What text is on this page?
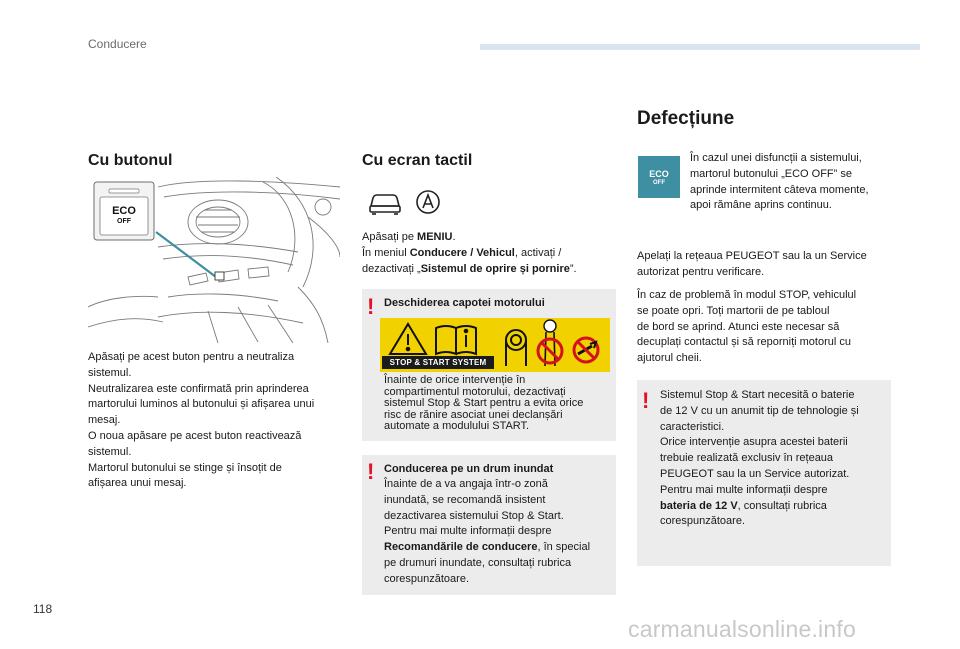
Conducere
Cu butonul
ECO
OFF
Apăsați pe acest buton pentru a neutraliza
sistemul.
Neutralizarea este confirmată prin aprinderea
martorului luminos al butonului și afișarea unui
mesaj.
O noua apăsare pe acest buton reactivează
sistemul.
Martorul butonului se stinge și însoțit de
afișarea unui mesaj.
Cu ecran tactil
Apăsați pe MENIU.
În meniul Conducere / Vehicul, activați /
dezactivați „Sistemul de oprire și pornire”.
! Deschiderea capotei motorului
STOP & START SYSTEM
Înainte de orice intervenție în
compartimentul motorului, dezactivați
sistemul Stop & Start pentru a evita orice
risc de rănire asociat unei declanșări
automate a modulului START.
! Conducerea pe un drum inundat
Înainte de a va angaja într-o zonă
inundată, se recomandă insistent
dezactivarea sistemului Stop & Start.
Pentru mai multe informații despre
Recomandările de conducere, în special
pe drumuri inundate, consultați rubrica
corespunzătoare.
Defecțiune
ECO
OFF
În cazul unei disfuncții a sistemului,
martorul butonului „ECO OFF” se
aprinde intermitent câteva momente,
apoi rămâne aprins continuu.
Apelați la rețeaua PEUGEOT sau la un Service
autorizat pentru verificare.
În caz de problemă în modul STOP, vehiculul
se poate opri. Toți martorii de pe tabloul
de bord se aprind. Atunci este necesar să
decuplați contactul și să reporniți motorul cu
ajutorul cheii.
! Sistemul Stop & Start necesită o baterie
de 12 V cu un anumit tip de tehnologie și
caracteristici.
Orice intervenție asupra acestei baterii
trebuie realizată exclusiv în rețeaua
PEUGEOT sau la un Service autorizat.
Pentru mai multe informații despre
bateria de 12 V, consultați rubrica
corespunzătoare.
118
carmanualsonline.info
